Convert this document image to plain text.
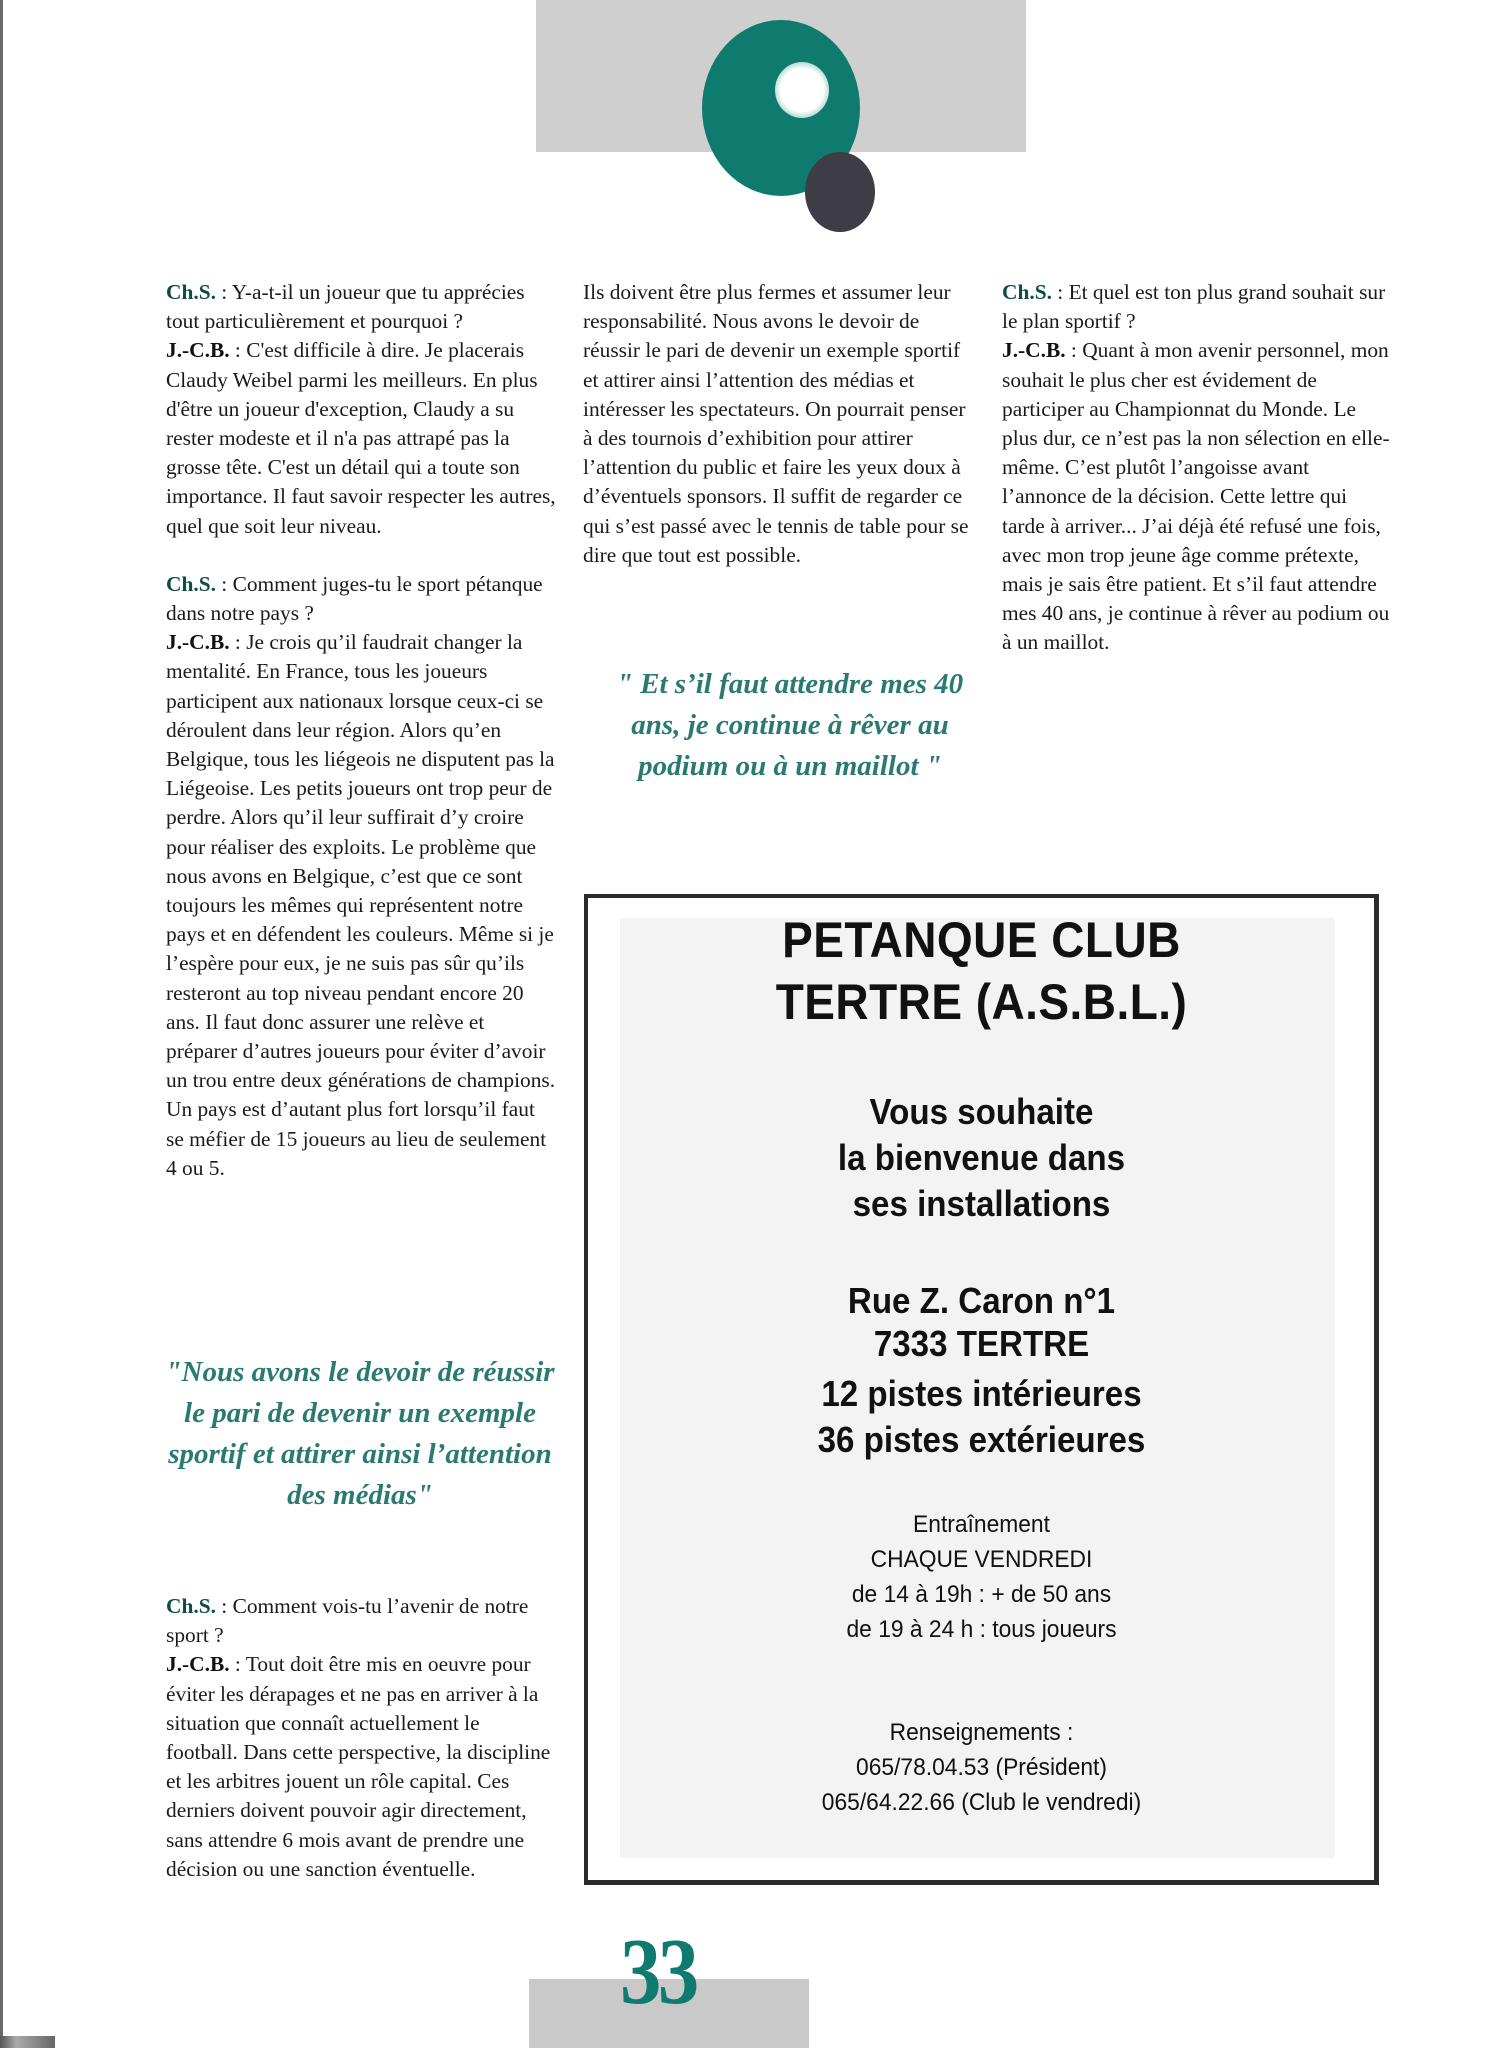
Ch.S. : Y-a-t-il un joueur que tu apprécies tout particulièrement et pourquoi ?
J.-C.B. : C'est difficile à dire. Je placerais Claudy Weibel parmi les meilleurs. En plus d'être un joueur d'exception, Claudy a su rester modeste et il n'a pas attrapé pas la grosse tête. C'est un détail qui a toute son importance. Il faut savoir respecter les autres, quel que soit leur niveau.

Ch.S. : Comment juges-tu le sport pétanque dans notre pays ?
J.-C.B. : Je crois qu’il faudrait changer la mentalité. En France, tous les joueurs participent aux nationaux lorsque ceux-ci se déroulent dans leur région. Alors qu’en Belgique, tous les liégeois ne disputent pas la Liégeoise. Les petits joueurs ont trop peur de perdre. Alors qu’il leur suffirait d’y croire pour réaliser des exploits. Le problème que nous avons en Belgique, c’est que ce sont toujours les mêmes qui représentent notre pays et en défendent les couleurs. Même si je l’espère pour eux, je ne suis pas sûr qu’ils resteront au top niveau pendant encore 20 ans. Il faut donc assurer une relève et préparer d’autres joueurs pour éviter d’avoir un trou entre deux générations de champions. Un pays est d’autant plus fort lorsqu’il faut se méfier de 15 joueurs au lieu de seulement 4 ou 5.

"Nous avons le devoir de réussir le pari de devenir un exemple sportif et attirer ainsi l’attention des médias"

Ch.S. : Comment vois-tu l’avenir de notre sport ?
J.-C.B. : Tout doit être mis en oeuvre pour éviter les dérapages et ne pas en arriver à la situation que connaît actuellement le football. Dans cette perspective, la discipline et les arbitres jouent un rôle capital. Ces derniers doivent pouvoir agir directement, sans attendre 6 mois avant de prendre une décision ou une sanction éventuelle.

Ils doivent être plus fermes et assumer leur responsabilité. Nous avons le devoir de réussir le pari de devenir un exemple sportif et attirer ainsi l’attention des médias et intéresser les spectateurs. On pourrait penser à des tournois d’exhibition pour attirer l’attention du public et faire les yeux doux à d’éventuels sponsors. Il suffit de regarder ce qui s’est passé avec le tennis de table pour se dire que tout est possible.

" Et s’il faut attendre mes 40 ans, je continue à rêver au podium ou à un maillot "

Ch.S. : Et quel est ton plus grand souhait sur le plan sportif ?
J.-C.B. : Quant à mon avenir personnel, mon souhait le plus cher est évidement de participer au Championnat du Monde. Le plus dur, ce n’est pas la non sélection en elle-même. C’est plutôt l’angoisse avant l’annonce de la décision. Cette lettre qui tarde à arriver... J’ai déjà été refusé une fois, avec mon trop jeune âge comme prétexte, mais je sais être patient. Et s’il faut attendre mes 40 ans, je continue à rêver au podium ou à un maillot.

PETANQUE CLUB
TERTRE (A.S.B.L.)
Vous souhaite
la bienvenue dans
ses installations
Rue Z. Caron n°1
7333 TERTRE
12 pistes intérieures
36 pistes extérieures
Entraînement
CHAQUE VENDREDI
de 14 à 19h : + de 50 ans
de 19 à 24 h : tous joueurs
Renseignements :
065/78.04.53 (Président)
065/64.22.66 (Club le vendredi)
33
